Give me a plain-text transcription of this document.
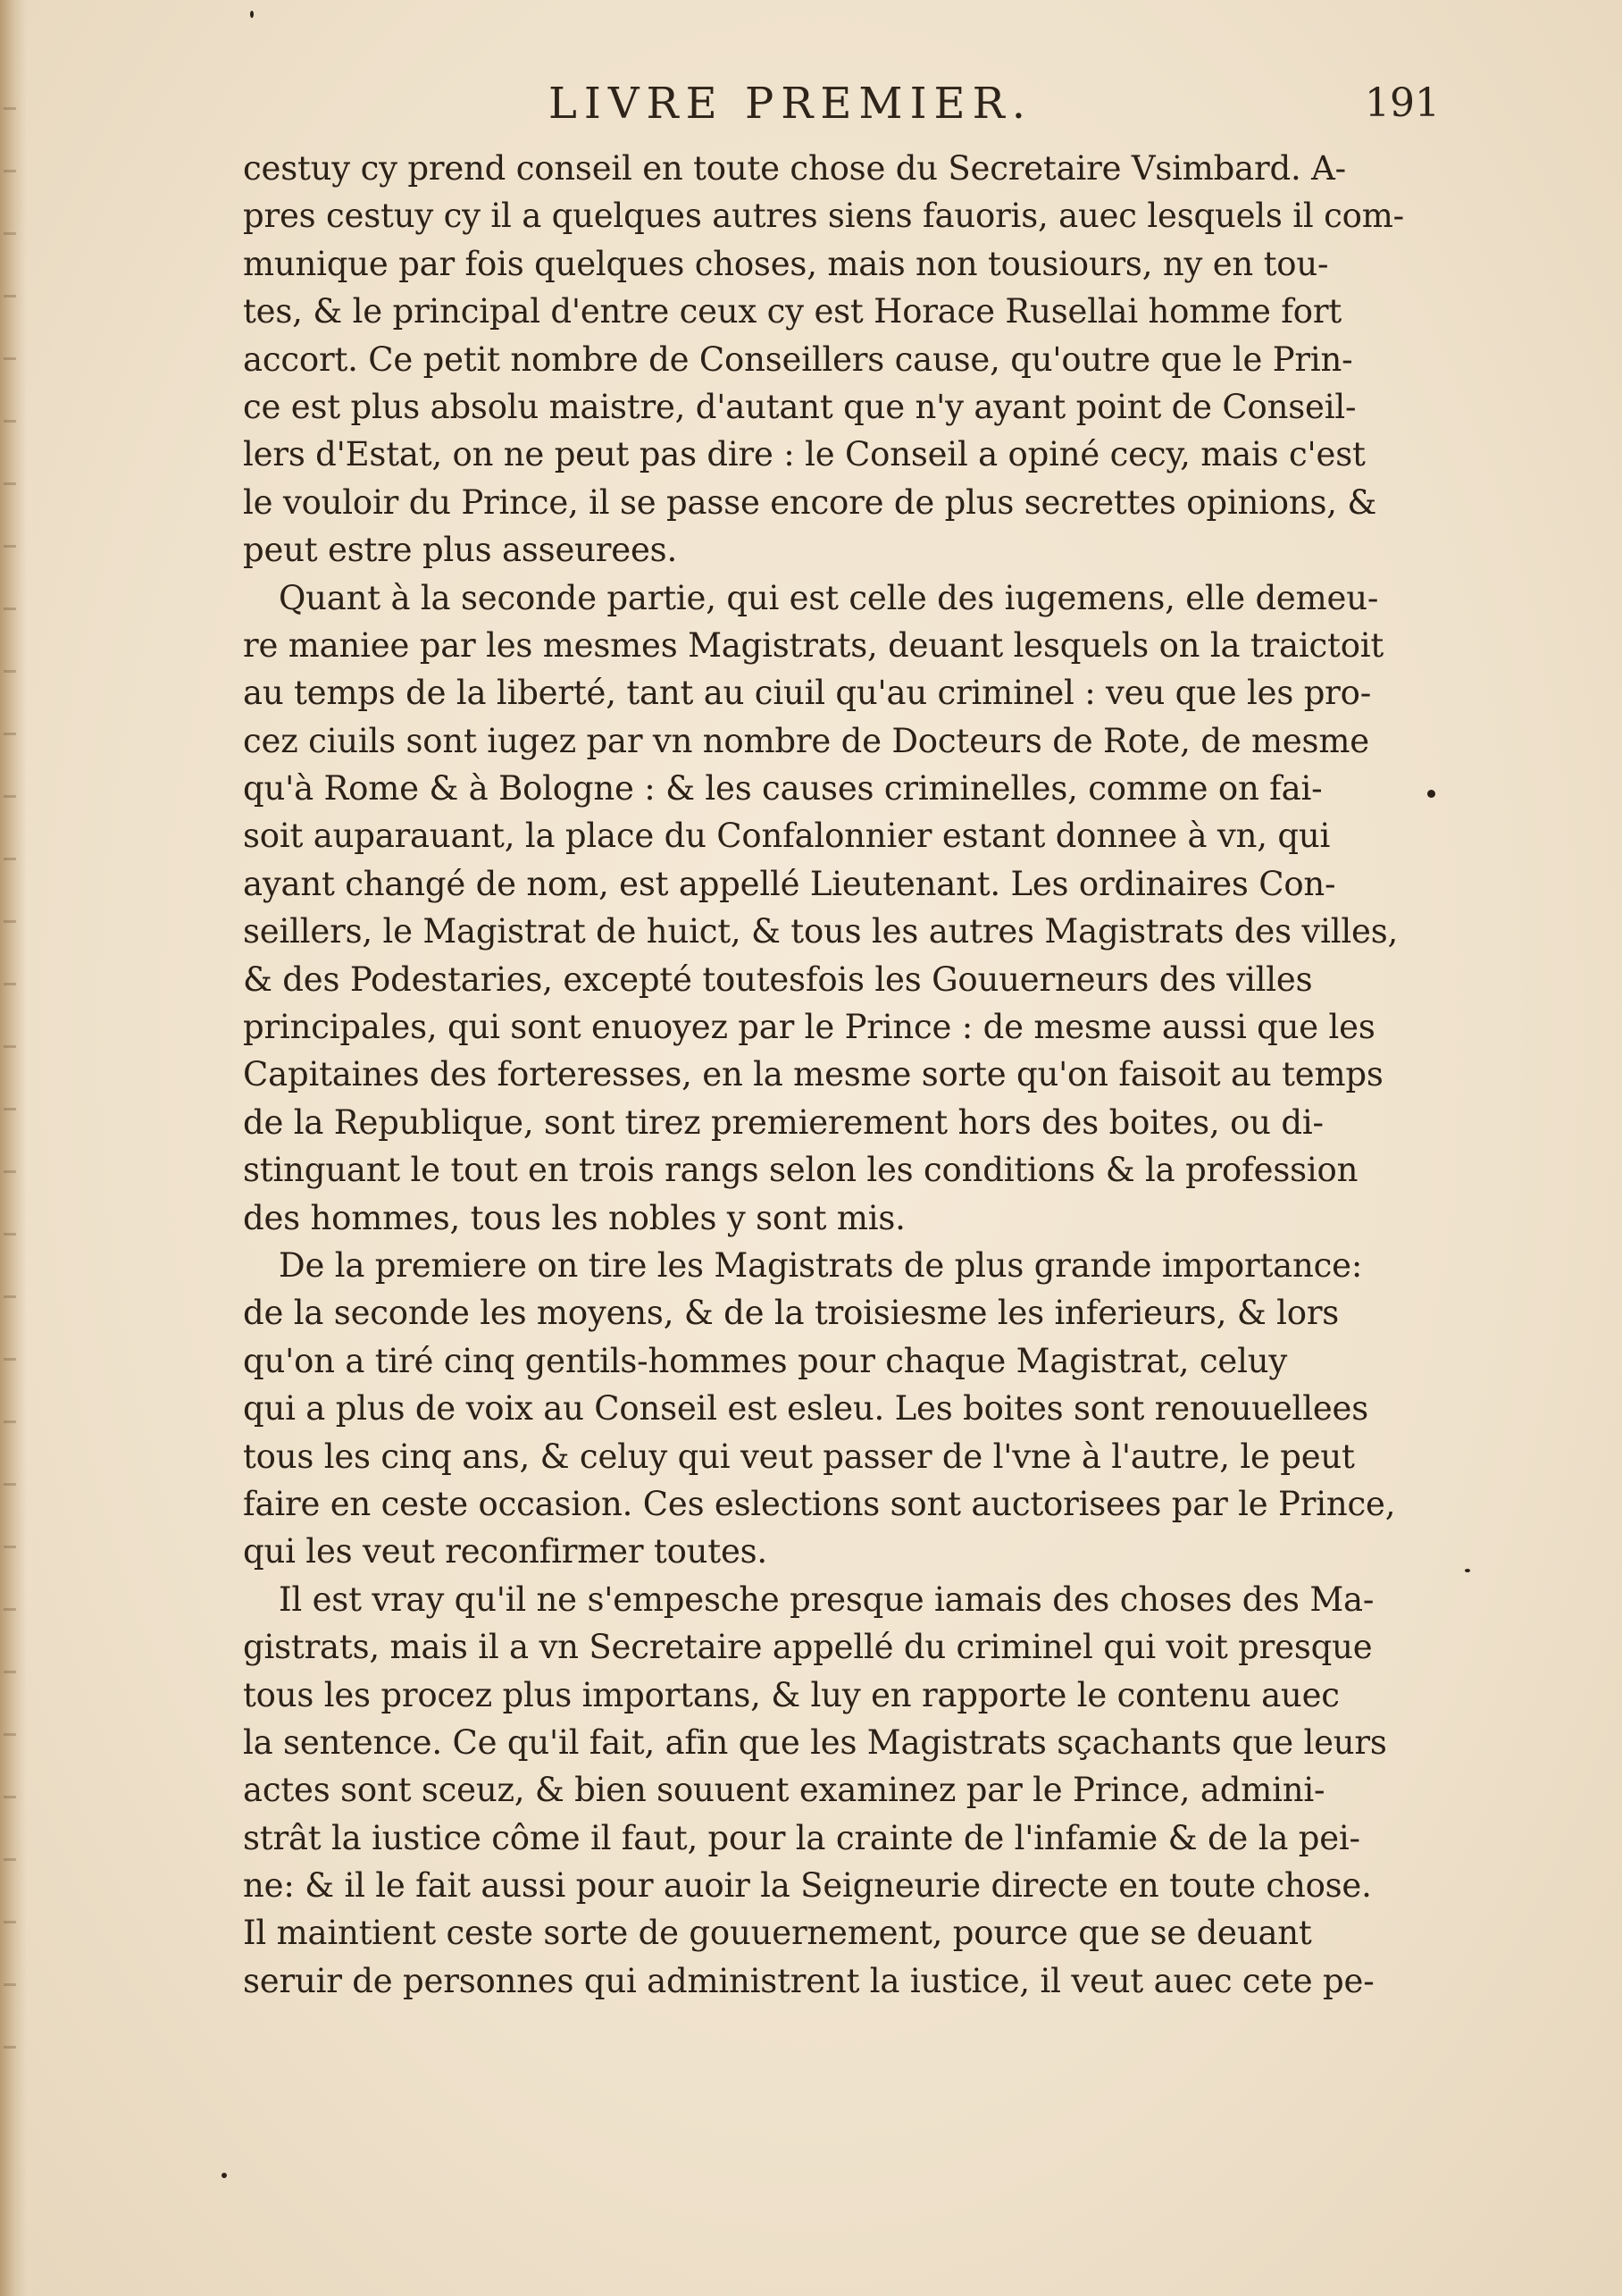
LIVRE PREMIER.	191
cestuy cy prend conseil en toute chose du Secretaire Vsimbard. A-
pres cestuy cy il a quelques autres siens fauoris, auec lesquels il com-
munique par fois quelques choses, mais non tousiours, ny en tou-
tes, & le principal d'entre ceux cy est Horace Rusellai homme fort
accort. Ce petit nombre de Conseillers cause, qu'outre que le Prin-
ce est plus absolu maistre, d'autant que n'y ayant point de Conseil-
lers d'Estat, on ne peut pas dire : le Conseil a opiné cecy, mais c'est
le vouloir du Prince, il se passe encore de plus secrettes opinions, &
peut estre plus asseurees.
Quant à la seconde partie, qui est celle des iugemens, elle demeu-
re maniee par les mesmes Magistrats, deuant lesquels on la traictoit
au temps de la liberté, tant au ciuil qu'au criminel : veu que les pro-
cez ciuils sont iugez par vn nombre de Docteurs de Rote, de mesme
qu'à Rome & à Bologne : & les causes criminelles, comme on fai-
soit auparauant, la place du Confalonnier estant donnee à vn, qui
ayant changé de nom, est appellé Lieutenant. Les ordinaires Con-
seillers, le Magistrat de huict, & tous les autres Magistrats des villes,
& des Podestaries, excepté toutesfois les Gouuerneurs des villes
principales, qui sont enuoyez par le Prince : de mesme aussi que les
Capitaines des forteresses, en la mesme sorte qu'on faisoit au temps
de la Republique, sont tirez premierement hors des boites, ou di-
stinguant le tout en trois rangs selon les conditions & la profession
des hommes, tous les nobles y sont mis.
De la premiere on tire les Magistrats de plus grande importance:
de la seconde les moyens, & de la troisiesme les inferieurs, & lors
qu'on a tiré cinq gentils-hommes pour chaque Magistrat, celuy
qui a plus de voix au Conseil est esleu. Les boites sont renouuellees
tous les cinq ans, & celuy qui veut passer de l'vne à l'autre, le peut
faire en ceste occasion. Ces eslections sont auctorisees par le Prince,
qui les veut reconfirmer toutes.
Il est vray qu'il ne s'empesche presque iamais des choses des Ma-
gistrats, mais il a vn Secretaire appellé du criminel qui voit presque
tous les procez plus importans, & luy en rapporte le contenu auec
la sentence. Ce qu'il fait, afin que les Magistrats sçachants que leurs
actes sont sceuz, & bien souuent examinez par le Prince, admini-
strât la iustice côme il faut, pour la crainte de l'infamie & de la pei-
ne: & il le fait aussi pour auoir la Seigneurie directe en toute chose.
Il maintient ceste sorte de gouuernement, pource que se deuant
seruir de personnes qui administrent la iustice, il veut auec cete pe-
